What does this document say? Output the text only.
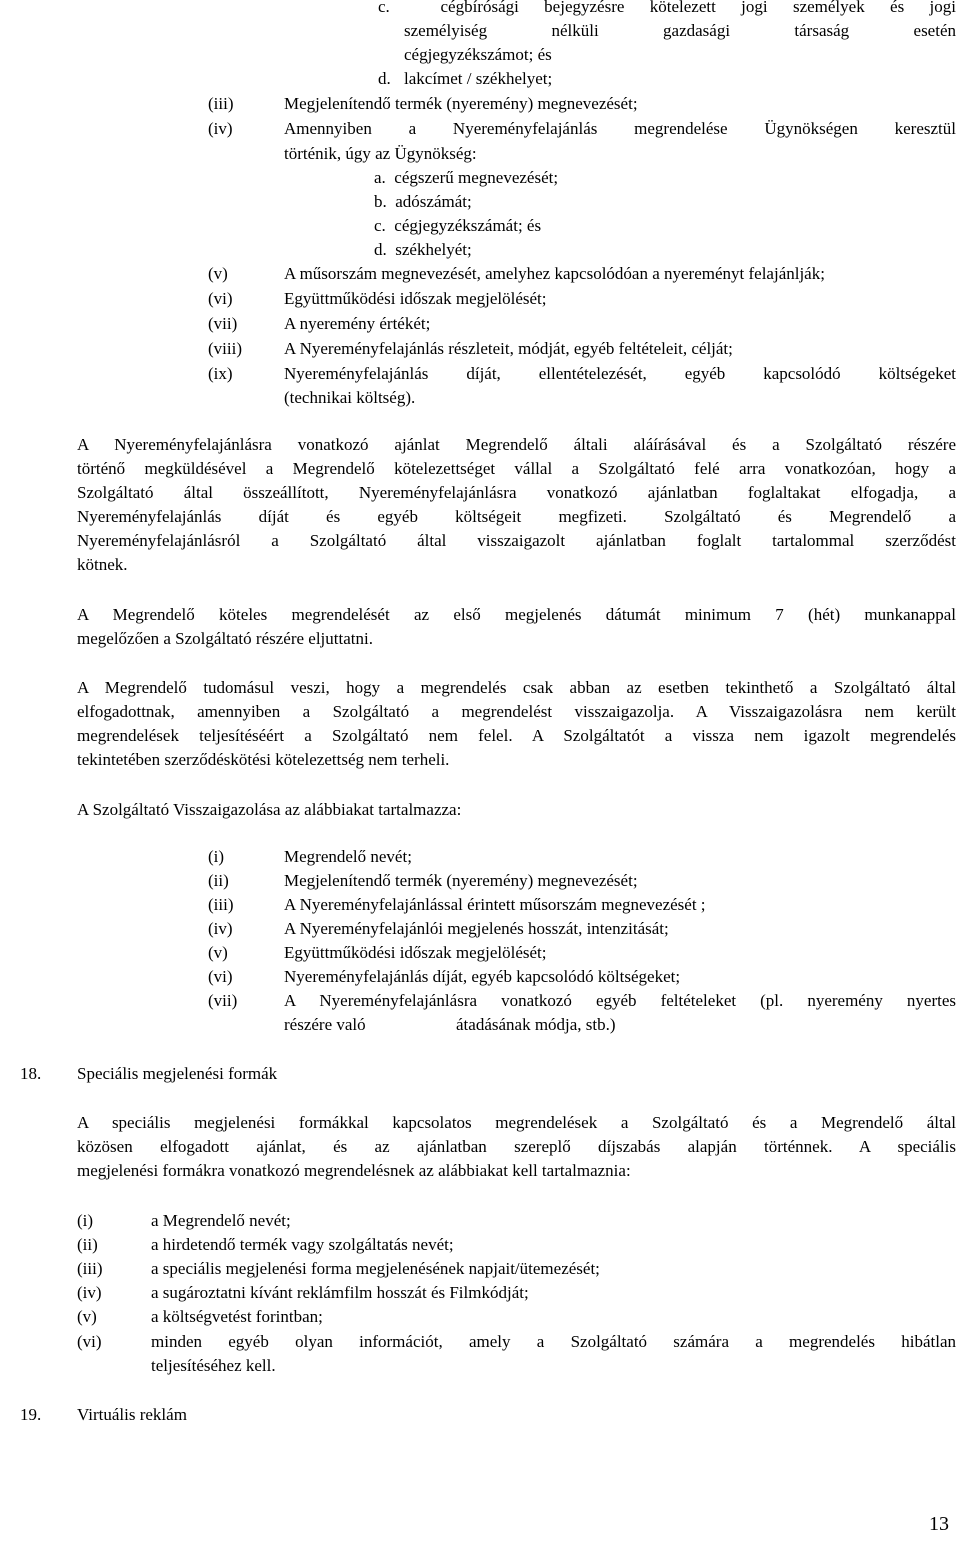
c.  cégbírósági bejegyzésre kötelezett jogi személyek és jogi
személyiség nélküli gazdasági társaság esetén
cégjegyzékszámot; és
d. lakcímet / székhelyet;
(iii)	Megjelenítendő termék (nyeremény) megnevezését;
(iv)	Amennyiben a Nyereményfelajánlás megrendelése Ügynökségen keresztül
történik, úgy az Ügynökség:
a.  cégszerű megnevezését;
b.  adószámát;
c.  cégjegyzékszámát; és
d.  székhelyét;
(v)	A műsorszám megnevezését, amelyhez kapcsolódóan a nyereményt felajánlják;
(vi)	Együttműködési időszak megjelölését;
(vii)	A nyeremény értékét;
(viii) A Nyereményfelajánlás részleteit, módját, egyéb feltételeit, célját;
(ix)	Nyereményfelajánlás díját, ellentételezését, egyéb kapcsolódó költségeket
(technikai költség).
A Nyereményfelajánlásra vonatkozó ajánlat Megrendelő általi aláírásával és a Szolgáltató részére
történő megküldésével a Megrendelő kötelezettséget vállal a Szolgáltató felé arra vonatkozóan, hogy a
Szolgáltató által összeállított, Nyereményfelajánlásra vonatkozó ajánlatban foglaltakat elfogadja, a
Nyereményfelajánlás díját és egyéb költségeit megfizeti. Szolgáltató és Megrendelő a
Nyereményfelajánlásról a Szolgáltató által visszaigazolt ajánlatban foglalt tartalommal szerződést
kötnek.
A Megrendelő köteles megrendelését az első megjelenés dátumát minimum 7 (hét) munkanappal
megelőzően a Szolgáltató részére eljuttatni.
A Megrendelő tudomásul veszi, hogy a megrendelés csak abban az esetben tekinthető a Szolgáltató által
elfogadottnak, amennyiben a Szolgáltató a megrendelést visszaigazolja. A Visszaigazolásra nem került
megrendelések teljesítéséért a Szolgáltató nem felel. A Szolgáltatót a vissza nem igazolt megrendelés
tekintetében szerződéskötési kötelezettség nem terheli.
A Szolgáltató Visszaigazolása az alábbiakat tartalmazza:
(i)	Megrendelő nevét;
(ii)	Megjelenítendő termék (nyeremény) megnevezését;
(iii)	A Nyereményfelajánlással érintett műsorszám megnevezését ;
(iv)	A Nyereményfelajánlói megjelenés hosszát, intenzitását;
(v)	Együttműködési időszak megjelölését;
(vi)	Nyereményfelajánlás díját, egyéb kapcsolódó költségeket;
(vii)	A Nyereményfelajánlásra vonatkozó egyéb feltételeket (pl. nyeremény nyertes
részére való	átadásának módja, stb.)
18. Speciális megjelenési formák
A speciális megjelenési formákkal kapcsolatos megrendelések a Szolgáltató és a Megrendelő által
közösen elfogadott ajánlat, és az ajánlatban szereplő díjszabás alapján történnek. A speciális
megjelenési formákra vonatkozó megrendelésnek az alábbiakat kell tartalmaznia:
(i)	a Megrendelő nevét;
(ii)	a hirdetendő termék vagy szolgáltatás nevét;
(iii)	a speciális megjelenési forma megjelenésének napjait/ütemezését;
(iv)	a sugároztatni kívánt reklámfilm hosszát és Filmkódját;
(v)	a költségvetést forintban;
(vi)	minden egyéb olyan információt, amely a Szolgáltató számára a megrendelés hibátlan
teljesítéséhez kell.
19. Virtuális reklám
13
